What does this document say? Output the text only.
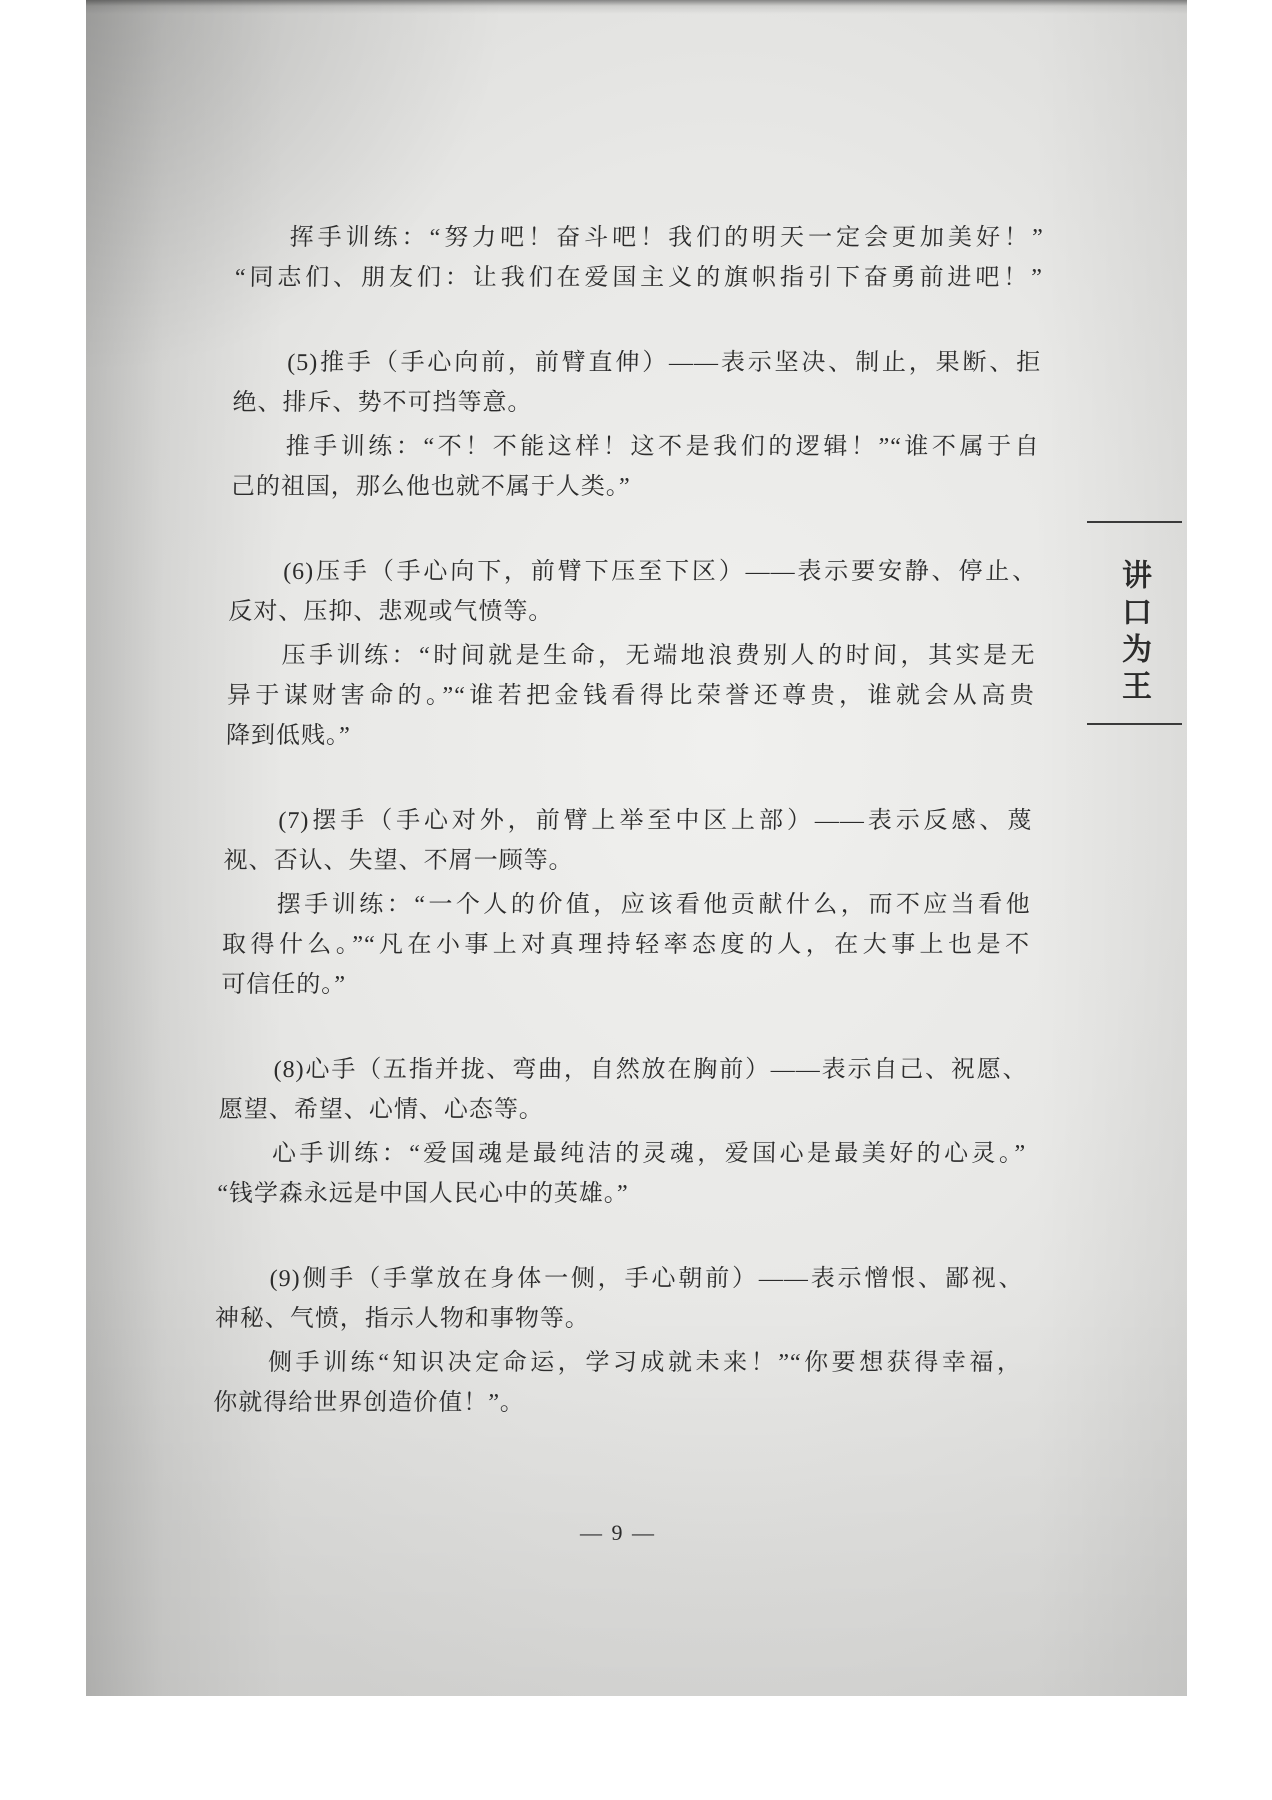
挥手训练：“努力吧！奋斗吧！我们的明天一定会更加美好！”
“同志们、朋友们：让我们在爱国主义的旗帜指引下奋勇前进吧！”
(5)推手（手心向前，前臂直伸）——表示坚决、制止，果断、拒
绝、排斥、势不可挡等意。
推手训练：“不！不能这样！这不是我们的逻辑！”“谁不属于自
己的祖国，那么他也就不属于人类。”
(6)压手（手心向下，前臂下压至下区）——表示要安静、停止、
反对、压抑、悲观或气愤等。
压手训练：“时间就是生命，无端地浪费别人的时间，其实是无
异于谋财害命的。”“谁若把金钱看得比荣誉还尊贵，谁就会从高贵
降到低贱。”
(7)摆手（手心对外，前臂上举至中区上部）——表示反感、蔑
视、否认、失望、不屑一顾等。
摆手训练：“一个人的价值，应该看他贡献什么，而不应当看他
取得什么。”“凡在小事上对真理持轻率态度的人，在大事上也是不
可信任的。”
(8)心手（五指并拢、弯曲，自然放在胸前）——表示自己、祝愿、
愿望、希望、心情、心态等。
心手训练：“爱国魂是最纯洁的灵魂，爱国心是最美好的心灵。”
“钱学森永远是中国人民心中的英雄。”
(9)侧手（手掌放在身体一侧，手心朝前）——表示憎恨、鄙视、
神秘、气愤，指示人物和事物等。
侧手训练“知识决定命运，学习成就未来！”“你要想获得幸福，
你就得给世界创造价值！”。
讲口为王
— 9 —
